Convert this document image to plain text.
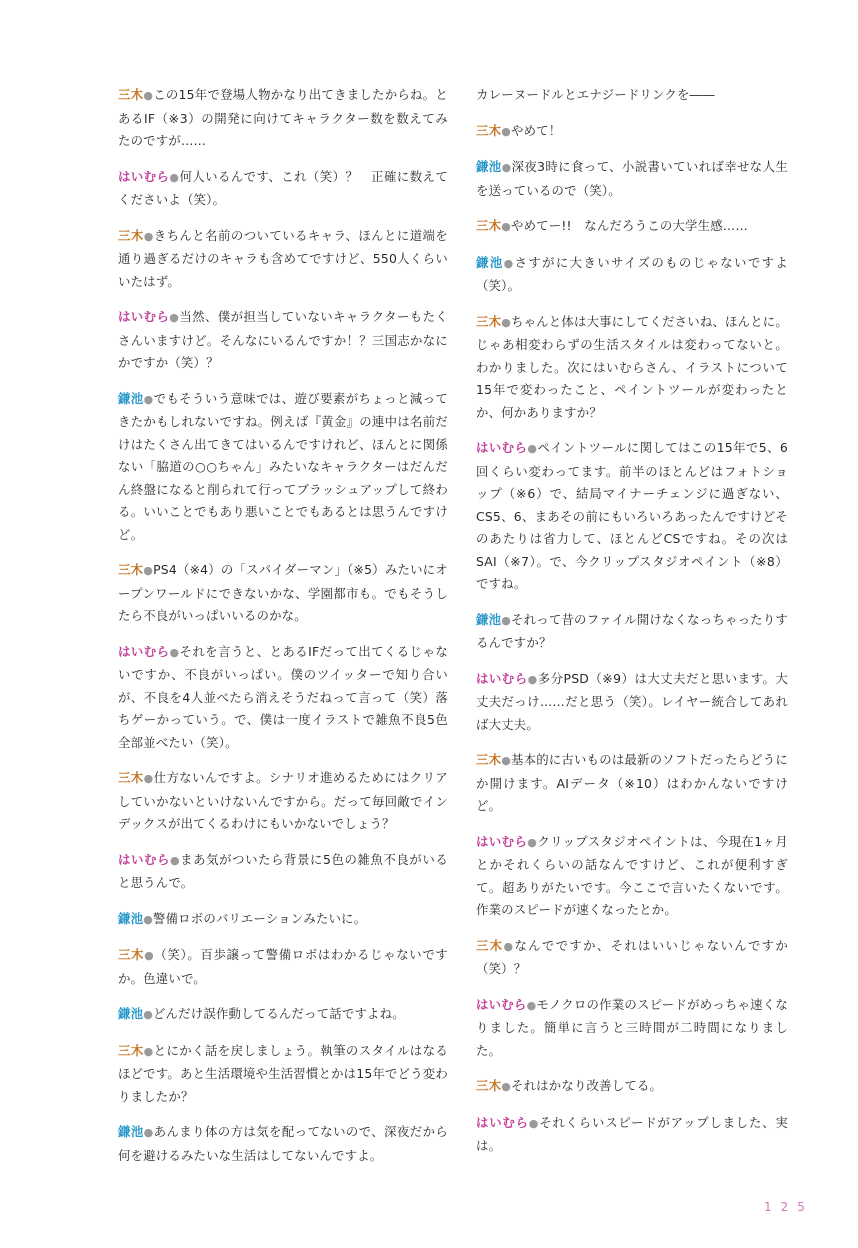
三木●この15年で登場人物かなり出てきましたからね。とあるIF（※3）の開発に向けてキャラクター数を数えてみたのですが……

はいむら●何人いるんです、これ（笑）？　正確に数えてくださいよ（笑）。

三木●きちんと名前のついているキャラ、ほんとに道端を通り過ぎるだけのキャラも含めてですけど、550人くらいいたはず。

はいむら●当然、僕が担当していないキャラクターもたくさんいますけど。そんなにいるんですか！？三国志かなにかですか（笑）？

鎌池●でもそういう意味では、遊び要素がちょっと減ってきたかもしれないですね。例えば『黄金』の連中は名前だけはたくさん出てきてはいるんですけれど、ほんとに関係ない「脇道の○○ちゃん」みたいなキャラクターはだんだん終盤になると削られて行ってブラッシュアップして終わる。いいことでもあり悪いことでもあるとは思うんですけど。

三木●PS4（※4）の「スパイダーマン」（※5）みたいにオープンワールドにできないかな、学園都市も。でもそうしたら不良がいっぱいいるのかな。

はいむら●それを言うと、とあるIFだって出てくるじゃないですか、不良がいっぱい。僕のツイッターで知り合いが、不良を4人並べたら消えそうだねって言って（笑）落ちゲーかっていう。で、僕は一度イラストで雑魚不良5色全部並べたい（笑）。

三木●仕方ないんですよ。シナリオ進めるためにはクリアしていかないといけないんですから。だって毎回敵でインデックスが出てくるわけにもいかないでしょう？

はいむら●まあ気がついたら背景に5色の雑魚不良がいると思うんで。

鎌池●警備ロボのバリエーションみたいに。

三木●（笑）。百歩譲って警備ロボはわかるじゃないですか。色違いで。

鎌池●どんだけ誤作動してるんだって話ですよね。

三木●とにかく話を戻しましょう。執筆のスタイルはなるほどです。あと生活環境や生活習慣とかは15年でどう変わりましたか？

鎌池●あんまり体の方は気を配ってないので、深夜だから何を避けるみたいな生活はしてないんですよ。

カレーヌードルとエナジードリンクを――

三木●やめて！

鎌池●深夜3時に食って、小説書いていれば幸せな人生を送っているので（笑）。

三木●やめてー!!　なんだろうこの大学生感……

鎌池●さすがに大きいサイズのものじゃないですよ（笑）。

三木●ちゃんと体は大事にしてくださいね、ほんとに。じゃあ相変わらずの生活スタイルは変わってないと。わかりました。次にはいむらさん、イラストについて15年で変わったこと、ペイントツールが変わったとか、何かありますか？

はいむら●ペイントツールに関してはこの15年で5、6回くらい変わってます。前半のほとんどはフォトショップ（※6）で、結局マイナーチェンジに過ぎない、CS5、6、まあその前にもいろいろあったんですけどそのあたりは省力して、ほとんどCSですね。その次はSAI（※7）。で、今クリップスタジオペイント（※8）ですね。

鎌池●それって昔のファイル開けなくなっちゃったりするんですか？

はいむら●多分PSD（※9）は大丈夫だと思います。大丈夫だっけ……だと思う（笑）。レイヤー統合してあれば大丈夫。

三木●基本的に古いものは最新のソフトだったらどうにか開けます。AIデータ（※10）はわかんないですけど。

はいむら●クリップスタジオペイントは、今現在1ヶ月とかそれくらいの話なんですけど、これが便利すぎて。超ありがたいです。今ここで言いたくないです。作業のスピードが速くなったとか。

三木●なんでですか、それはいいじゃないんですか（笑）？

はいむら●モノクロの作業のスピードがめっちゃ速くなりました。簡単に言うと三時間が二時間になりました。

三木●それはかなり改善してる。

はいむら●それくらいスピードがアップしました、実は。

125
